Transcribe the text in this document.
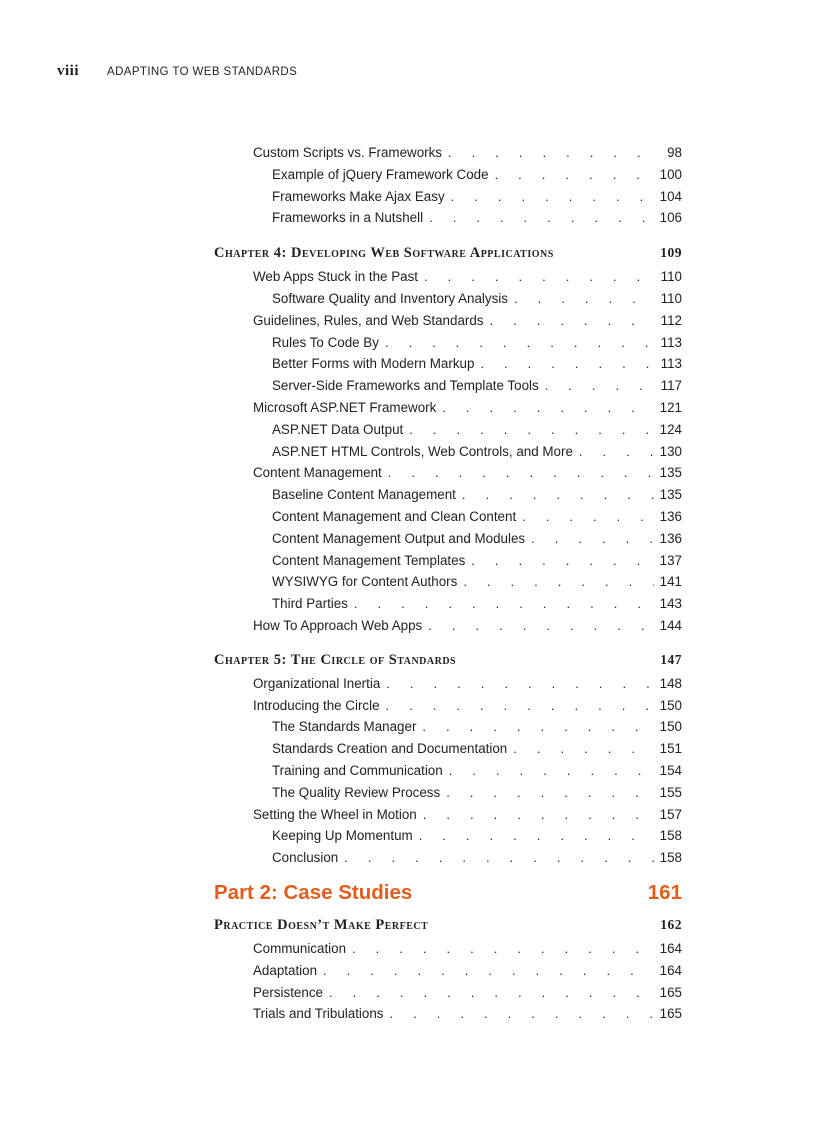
viii	ADAPTING TO WEB STANDARDS
Custom Scripts vs. Frameworks . . .	98
Example of jQuery Framework Code . . .	100
Frameworks Make Ajax Easy . . .	104
Frameworks in a Nutshell . . .	106
Chapter 4: Developing Web Software Applications	109
Web Apps Stuck in the Past . . .	110
Software Quality and Inventory Analysis . . .	110
Guidelines, Rules, and Web Standards . . .	112
Rules To Code By . . .	113
Better Forms with Modern Markup . . .	113
Server-Side Frameworks and Template Tools . . .	117
Microsoft ASP.NET Framework . . .	121
ASP.NET Data Output . . .	124
ASP.NET HTML Controls, Web Controls, and More . . .	130
Content Management . . .	135
Baseline Content Management . . .	135
Content Management and Clean Content . . .	136
Content Management Output and Modules . . .	136
Content Management Templates . . .	137
WYSIWYG for Content Authors . . .	141
Third Parties . . .	143
How To Approach Web Apps . . .	144
Chapter 5: The Circle of Standards	147
Organizational Inertia . . .	148
Introducing the Circle . . .	150
The Standards Manager . . .	150
Standards Creation and Documentation . . .	151
Training and Communication . . .	154
The Quality Review Process . . .	155
Setting the Wheel in Motion . . .	157
Keeping Up Momentum . . .	158
Conclusion . . .	158
Part 2: Case Studies	161
Practice Doesn’t Make Perfect	162
Communication . . .	164
Adaptation . . .	164
Persistence . . .	165
Trials and Tribulations . . .	165
